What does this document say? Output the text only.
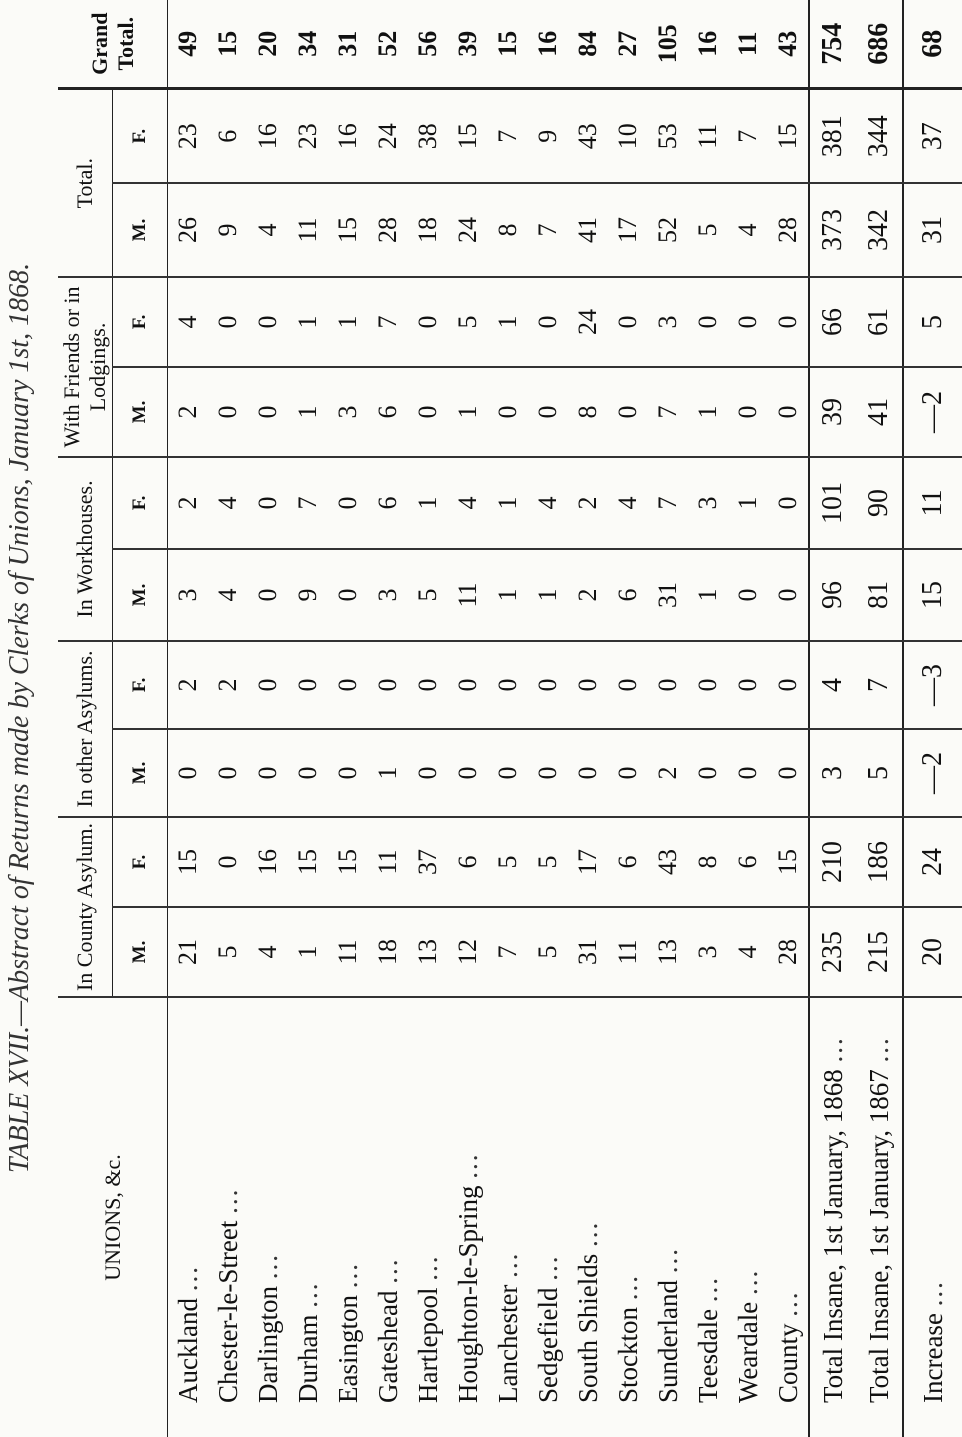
TABLE XVII.—Abstract of Returns made by Clerks of Unions, January 1st, 1868.
UNIONS, &c.	In County Asylum.		In other Asylums.		In Workhouses.		With Friends or in Lodgings.		Total.		Grand Total.
	M.	F.	M.	F.	M.	F.	M.	F.	M.	F.	
Auckland ...	21	15	0	2	3	2	2	4	26	23	49
Chester-le-Street ...	5	0	0	2	4	4	0	0	9	6	15
Darlington ...	4	16	0	0	0	0	0	0	4	16	20
Durham ...	1	15	0	0	9	7	1	1	11	23	34
Easington ...	11	15	0	0	0	0	3	1	15	16	31
Gateshead ...	18	11	1	0	3	6	6	7	28	24	52
Hartlepool ...	13	37	0	0	5	1	0	0	18	38	56
Houghton-le-Spring ...	12	6	0	0	11	4	1	5	24	15	39
Lanchester ...	7	5	0	0	1	1	0	1	8	7	15
Sedgefield ...	5	5	0	0	1	4	0	0	7	9	16
South Shields ...	31	17	0	0	2	2	8	24	41	43	84
Stockton ...	11	6	0	0	6	4	0	0	17	10	27
Sunderland ...	13	43	2	0	31	7	7	3	52	53	105
Teesdale ...	3	8	0	0	1	3	1	0	5	11	16
Weardale ...	4	6	0	0	0	1	0	0	4	7	11
County ...	28	15	0	0	0	0	0	0	28	15	43
Total Insane, 1st January, 1868 ...	235	210	3	4	96	101	39	66	373	381	754
Total Insane, 1st January, 1867 ...	215	186	5	7	81	90	41	61	342	344	686
Increase ...	20	24	—2	—3	15	11	—2	5	31	37	68
